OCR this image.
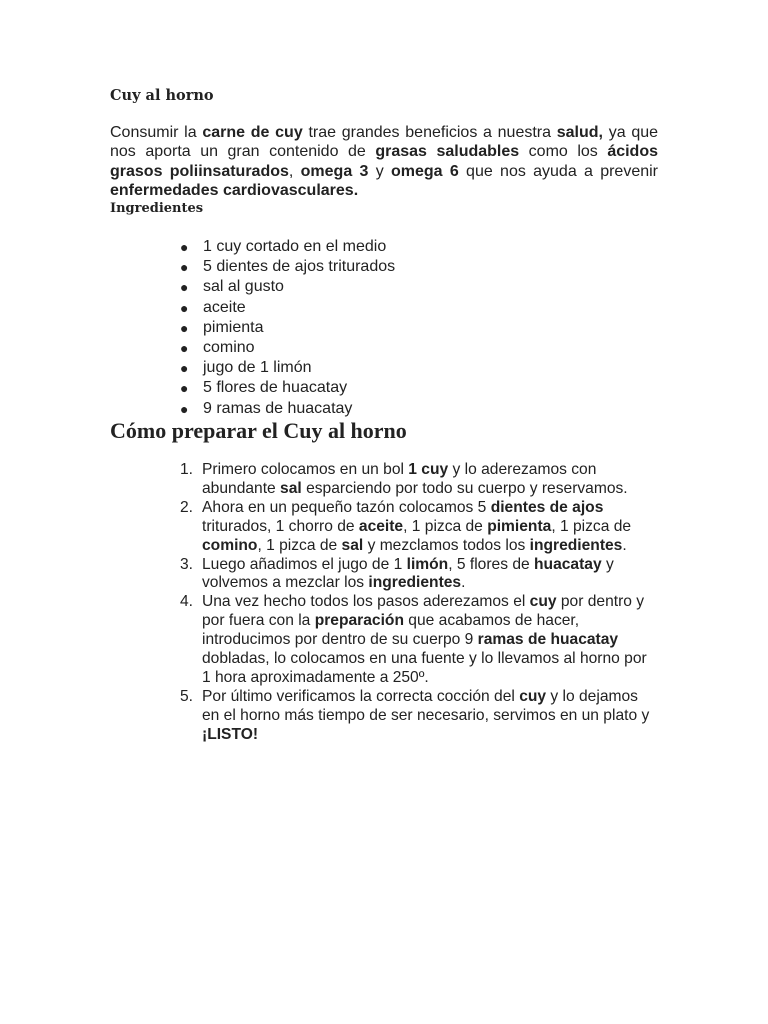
Cuy al horno

Consumir la carne de cuy trae grandes beneficios a nuestra salud, ya que nos aporta un gran contenido de grasas saludables como los ácidos grasos poliinsaturados, omega 3 y omega 6 que nos ayuda a prevenir enfermedades cardiovasculares.

Ingredientes
● 1 cuy cortado en el medio
● 5 dientes de ajos triturados
● sal al gusto
● aceite
● pimienta
● comino
● jugo de 1 limón
● 5 flores de huacatay
● 9 ramas de huacatay
Cómo preparar el Cuy al horno
1. Primero colocamos en un bol 1 cuy y lo aderezamos con abundante sal esparciendo por todo su cuerpo y reservamos.
2. Ahora en un pequeño tazón colocamos 5 dientes de ajos triturados, 1 chorro de aceite, 1 pizca de pimienta, 1 pizca de comino, 1 pizca de sal y mezclamos todos los ingredientes.
3. Luego añadimos el jugo de 1 limón, 5 flores de huacatay y volvemos a mezclar los ingredientes.
4. Una vez hecho todos los pasos aderezamos el cuy por dentro y por fuera con la preparación que acabamos de hacer, introducimos por dentro de su cuerpo 9 ramas de huacatay dobladas, lo colocamos en una fuente y lo llevamos al horno por 1 hora aproximadamente a 250º.
5. Por último verificamos la correcta cocción del cuy y lo dejamos en el horno más tiempo de ser necesario, servimos en un plato y ¡LISTO!
